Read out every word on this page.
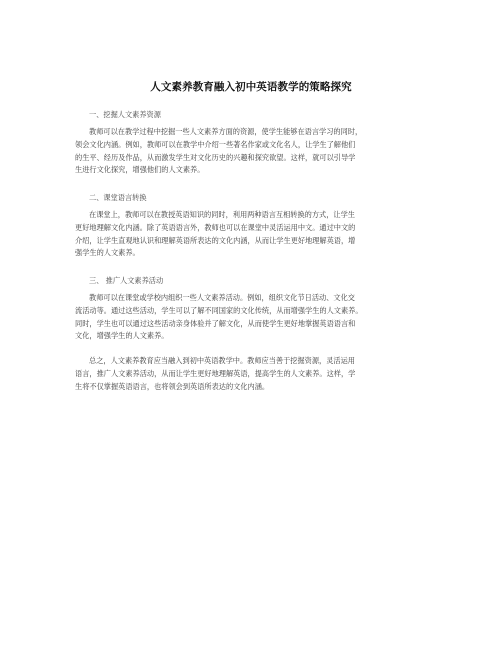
人文素养教育融入初中英语教学的策略探究
一、挖掘人文素养资源
教师可以在教学过程中挖掘一些人文素养方面的资源，使学生能够在语言学习的同时，
领会文化内涵。例如，教师可以在教学中介绍一些著名作家或文化名人，让学生了解他们
的生平、经历及作品，从而激发学生对文化历史的兴趣和探究欲望。这样，就可以引导学
生进行文化探究，增强他们的人文素养。
二、课堂语言转换
在课堂上，教师可以在教授英语知识的同时，利用两种语言互相转换的方式，让学生
更好地理解文化内涵。除了英语语言外，教师也可以在课堂中灵活运用中文。通过中文的
介绍，让学生直观地认识和理解英语所表达的文化内涵，从而让学生更好地理解英语，增
强学生的人文素养。
三、 推广人文素养活动
教师可以在课堂或学校内组织一些人文素养活动。例如，组织文化节日活动、文化交
流活动等。通过这些活动，学生可以了解不同国家的文化传统，从而增强学生的人文素养。
同时，学生也可以通过这些活动亲身体验并了解文化，从而使学生更好地掌握英语语言和
文化，增强学生的人文素养。
总之，人文素养教育应当融入到初中英语教学中。教师应当善于挖掘资源，灵活运用
语言，推广人文素养活动，从而让学生更好地理解英语，提高学生的人文素养。这样，学
生将不仅掌握英语语言，也将领会到英语所表达的文化内涵。
